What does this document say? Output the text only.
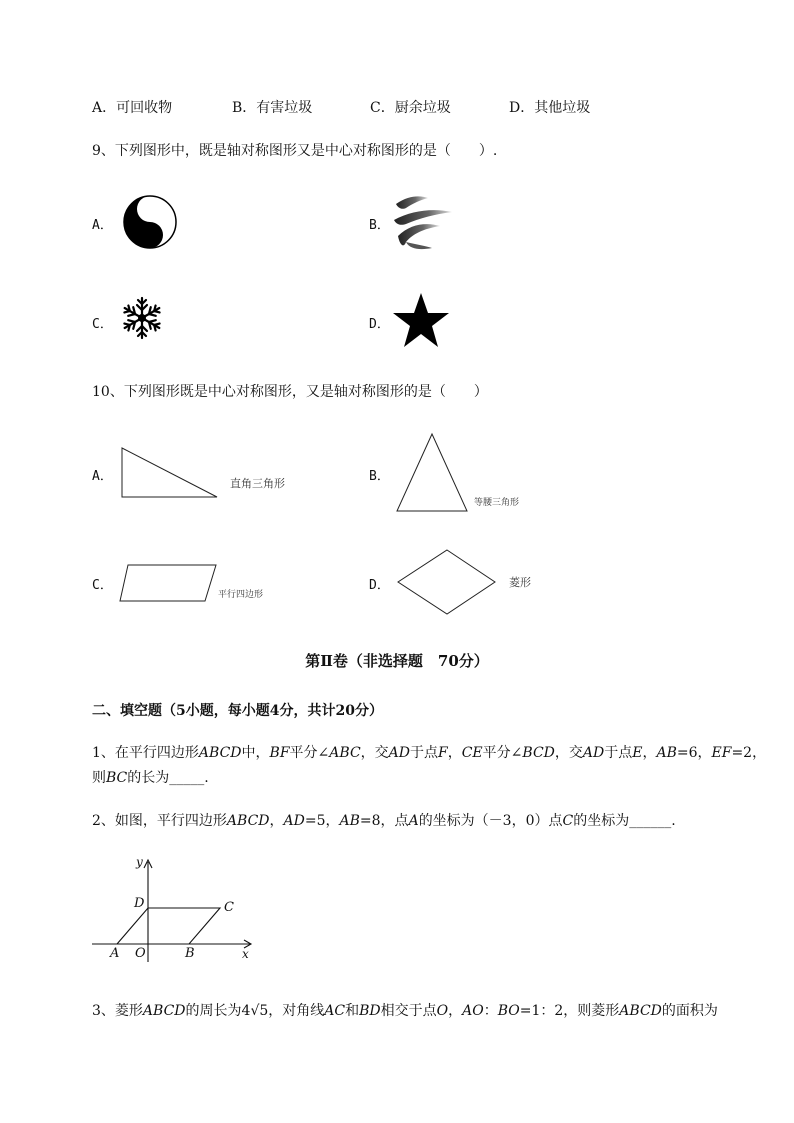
A．可回收物	B．有害垃圾	C．厨余垃圾	D．其他垃圾
9、下列图形中，既是轴对称图形又是中心对称图形的是（　　）.
A．	B．
C．	D．
10、下列图形既是中心对称图形，又是轴对称图形的是（　　）
A．	直角三角形	B．
等腰三角形
C．
平行四边形
D．	菱形
第Ⅱ卷（非选择题　70分）
二、填空题（5小题，每小题4分，共计20分）
1、在平行四边形ABCD中，BF平分∠ABC，交AD于点F，CE平分∠BCD，交AD于点E，AB=6，EF=2，
则BC的长为_____.
2、如图，平行四边形ABCD，AD=5，AB=8，点A的坐标为（－3，0）点C的坐标为______.
y
x
D	C
A O	B
3、菱形ABCD的周长为4√5，对角线AC和BD相交于点O，AO：BO=1：2，则菱形ABCD的面积为
